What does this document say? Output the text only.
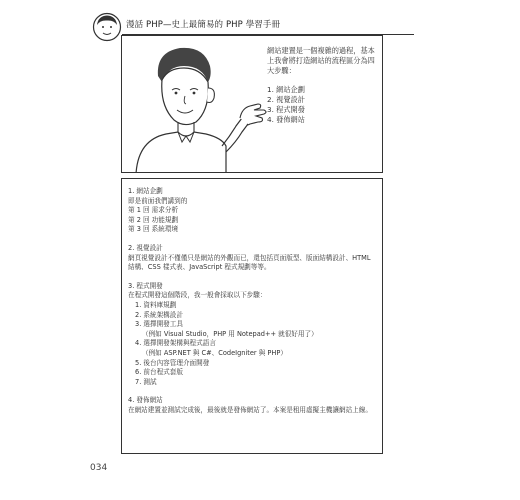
漫話 PHP—史上最簡易的 PHP 學習手冊

網站建置是一個複雜的過程，基本上我會將打造網站的流程區分為四大步驟：

1. 網站企劃
2. 視覺設計
3. 程式開發
4. 發佈網站
1. 網站企劃
即是前面我們講到的
第 1 回 需求分析
第 2 回 功能規劃
第 3 回 系統環境
2. 視覺設計
網頁視覺設計不僅僅只是網站的外觀而已，還包括頁面版型、版面結構設計、HTML 結構、CSS 樣式表、JavaScript 程式規劃等等。
3. 程式開發
在程式開發這個階段，我一般會採取以下步驟：
1. 資料庫規劃
2. 系統架構設計
3. 選擇開發工具
（例如 Visual Studio，PHP 用 Notepad++ 就很好用了）
4. 選擇開發架構與程式語言
（例如 ASP.NET 與 C#、CodeIgniter 與 PHP）
5. 後台內容管理介面開發
6. 前台程式套版
7. 測試
4. 發佈網站
在網站建置並測試完成後，最後就是發佈網站了。本案是租用虛擬主機讓網站上線。
034
